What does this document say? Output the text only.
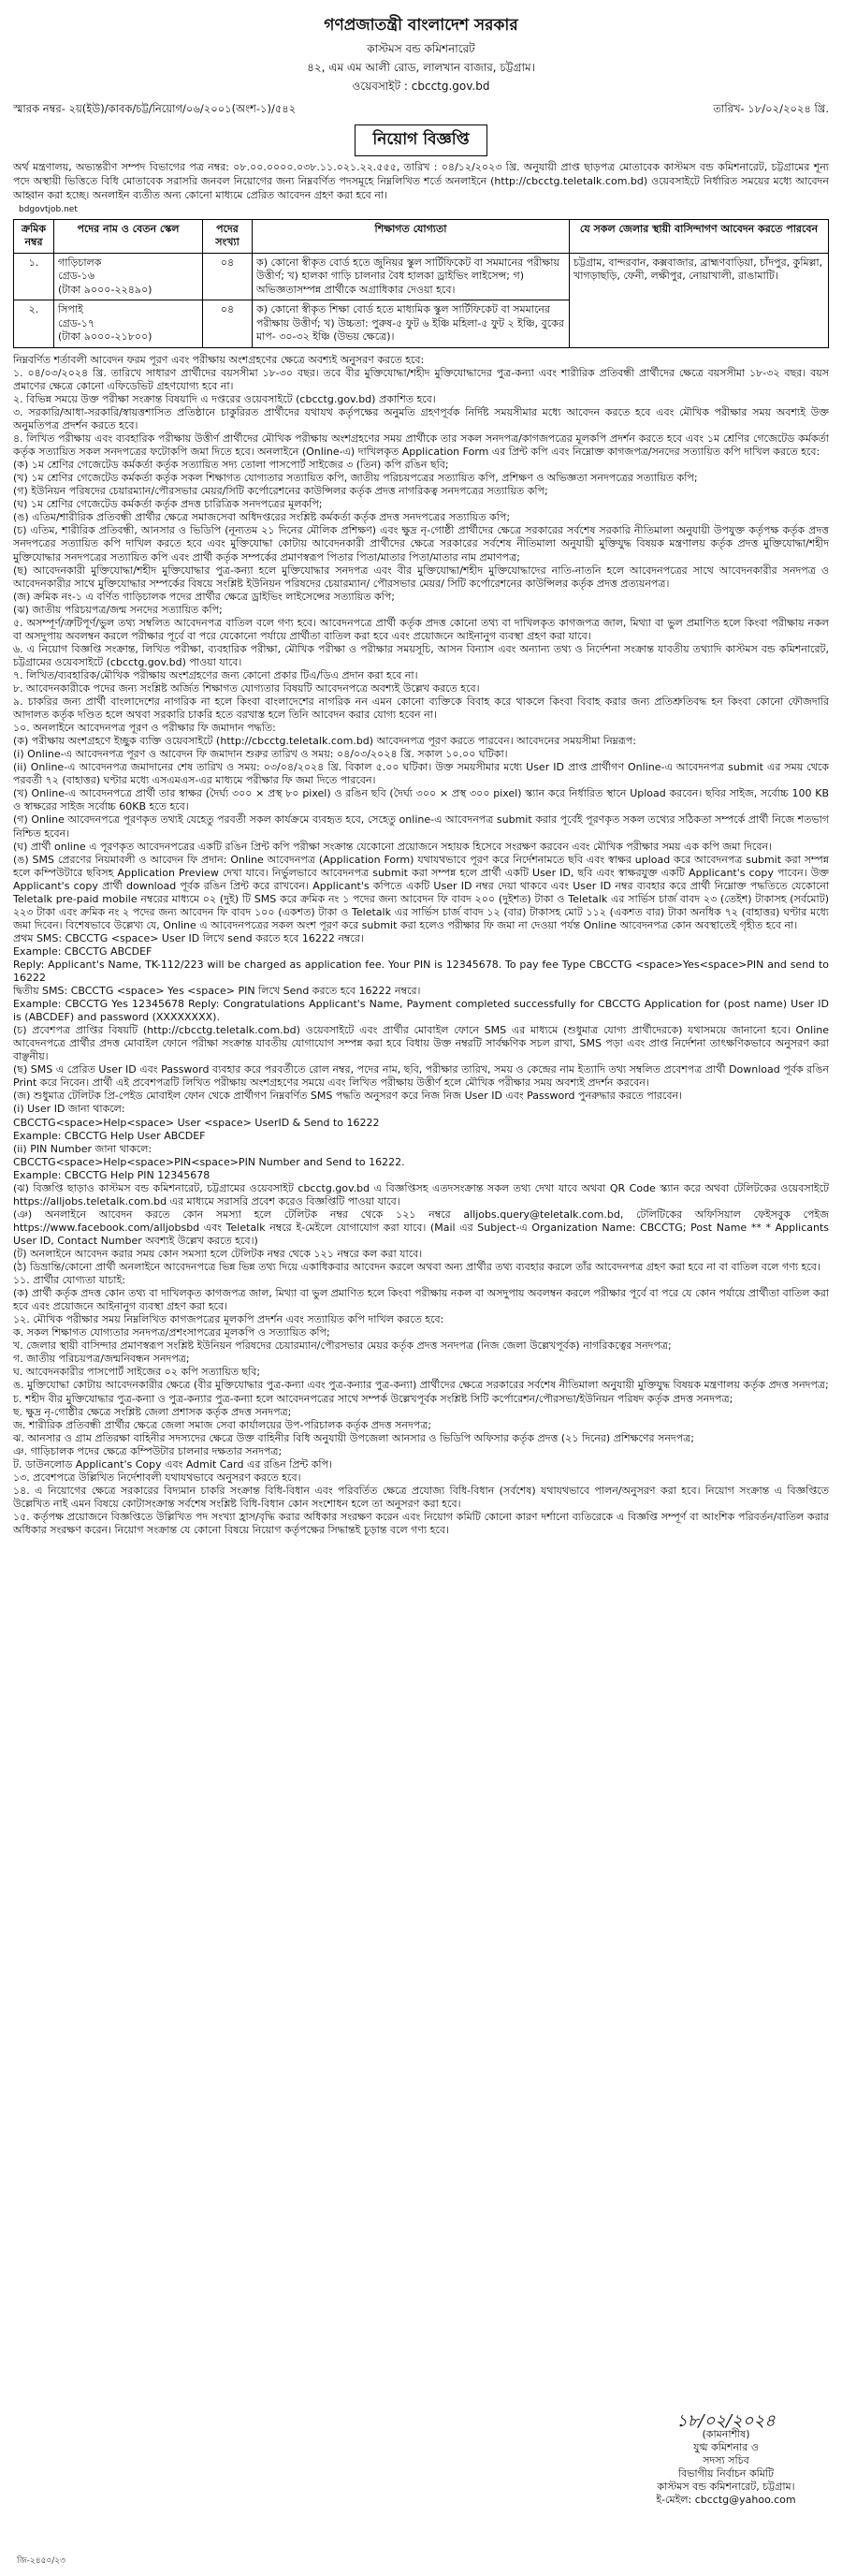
গণপ্রজাতন্ত্রী বাংলাদেশ সরকার
কাস্টমস বন্ড কমিশনারেট
৪২, এম এম আলী রোড, লালখান বাজার, চট্টগ্রাম।
ওয়েবসাইট : cbcctg.gov.bd
স্মারক নম্বর- ২য়(ইউ)/কাবক/চট্ট/নিয়োগ/০৬/২০০১(অংশ-১)/৫৪২	তারিখ- ১৮/০২/২০২৪ খ্রি.
নিয়োগ বিজ্ঞপ্তি
অর্থ মন্ত্রণালয়, অভ্যন্তরীণ সম্পদ বিভাগের পত্র নম্বর: ০৮.০০.০০০০.০৩৮.১১.০২১.২২.৫৫৫, তারিখ : ০৪/১২/২০২৩ খ্রি. অনুযায়ী প্রাপ্ত ছাড়পত্র মোতাবেক কাস্টমস বন্ড কমিশনারেট, চট্টগ্রামের শূন্য পদে অস্থায়ী ভিত্তিতে বিধি মোতাবেক সরাসরি জনবল নিয়োগের জন্য নিম্নবর্ণিত পদসমূহে নিম্নলিখিত শর্তে অনলাইনে (http://cbcctg.teletalk.com.bd) ওয়েবসাইটে নির্ধারিত সময়ের মধ্যে আবেদন আহ্বান করা হচ্ছে। অনলাইন ব্যতীত অন্য কোনো মাধ্যমে প্রেরিত আবেদন গ্রহণ করা হবে না।
bdgovtjob.net
ক্রমিক নম্বর	পদের নাম ও বেতন স্কেল	পদের সংখ্যা	শিক্ষাগত যোগ্যতা	যে সকল জেলার স্থায়ী বাসিন্দাগণ আবেদন করতে পারবেন
১.	গাড়িচালক
গ্রেড-১৬
(টাকা ৯০০০-২২৪৯০)	০৪	ক) কোনো স্বীকৃত বোর্ড হতে জুনিয়র স্কুল সার্টিফিকেট বা সমমানের পরীক্ষায় উত্তীর্ণ; খ) হালকা গাড়ি চালনার বৈধ হালকা ড্রাইভিং লাইসেন্স; গ) অভিজ্ঞতাসম্পন্ন প্রার্থীকে অগ্রাধিকার দেওয়া হবে।	চট্টগ্রাম, বান্দরবান, কক্সবাজার, ব্রাহ্মণবাড়িয়া, চাঁদপুর, কুমিল্লা, খাগড়াছড়ি, ফেনী, লক্ষীপুর, নোয়াখালী, রাঙামাটি।
২.	সিপাই
গ্রেড-১৭
(টাকা ৯০০০-২১৮০০)	০৪	ক) কোনো স্বীকৃত শিক্ষা বোর্ড হতে মাধ্যমিক স্কুল সার্টিফিকেট বা সমমানের পরীক্ষায় উত্তীর্ণ; খ) উচ্চতা: পুরুষ-৫ ফুট ৬ ইঞ্চি মহিলা-৫ ফুট ২ ইঞ্চি, বুকের মাপ- ৩০-৩২ ইঞ্চি (উভয় ক্ষেত্রে)।	

নিম্নবর্ণিত শর্তাবলী আবেদন ফরম পূরণ এবং পরীক্ষায় অংশগ্রহণের ক্ষেত্রে অবশ্যই অনুসরণ করতে হবে:

১. ০৪/০৩/২০২৪ খ্রি. তারিখে সাধারণ প্রার্থীদের বয়সসীমা ১৮-৩০ বছর। তবে বীর মুক্তিযোদ্ধা/শহীদ মুক্তিযোদ্ধাদের পুত্র-কন্যা এবং শারীরিক প্রতিবন্ধী প্রার্থীদের ক্ষেত্রে বয়সসীমা ১৮-৩২ বছর। বয়স প্রমাণের ক্ষেত্রে কোনো এফিডেভিট গ্রহণযোগ্য হবে না।

২. বিভিন্ন সময়ে উক্ত পরীক্ষা সংক্রান্ত বিষয়াদি এ দপ্তরের ওয়েবসাইটে (cbcctg.gov.bd) প্রকাশিত হবে।

৩. সরকারি/আধা-সরকারি/স্বায়ত্তশাসিত প্রতিষ্ঠানে চাকুরিরত প্রার্থীদের যথাযথ কর্তৃপক্ষের অনুমতি গ্রহণপূর্বক নির্দিষ্ট সময়সীমার মধ্যে আবেদন করতে হবে এবং মৌখিক পরীক্ষার সময় অবশ্যই উক্ত অনুমতিপত্র প্রদর্শন করতে হবে।

৪. লিখিত পরীক্ষায় এবং ব্যবহারিক পরীক্ষায় উত্তীর্ণ প্রার্থীদের মৌখিক পরীক্ষায় অংশগ্রহণের সময় প্রার্থীকে তার সকল সনদপত্র/কাগজপত্রের মূলকপি প্রদর্শন করতে হবে এবং ১ম শ্রেণির গেজেটেড কর্মকর্তা কর্তৃক সত্যায়িত সকল সনদপত্রের ফটোকপি জমা দিতে হবে। অনলাইনে (Online-এ) দাখিলকৃত Application Form এর প্রিন্ট কপি এবং নিম্নোক্ত কাগজপত্র/সনদের সত্যায়িত কপি দাখিল করতে হবে:

(ক) ১ম শ্রেণির গেজেটেড কর্মকর্তা কর্তৃক সত্যায়িত সদ্য তোলা পাসপোর্ট সাইজের ৩ (তিন) কপি রঙিন ছবি;

(খ) ১ম শ্রেণির গেজেটেড কর্মকর্তা কর্তৃক সকল শিক্ষাগত যোগ্যতার সত্যায়িত কপি, জাতীয় পরিচয়পত্রের সত্যায়িত কপি, প্রশিক্ষণ ও অভিজ্ঞতা সনদপত্রের সত্যায়িত কপি;

(গ) ইউনিয়ন পরিষদের চেয়ারম্যান/পৌরসভার মেয়র/সিটি কর্পোরেশনের কাউন্সিলর কর্তৃক প্রদত্ত নাগরিকত্ব সনদপত্রের সত্যায়িত কপি;

(ঘ) ১ম শ্রেণির গেজেটেড কর্মকর্তা কর্তৃক প্রদত্ত চারিত্রিক সনদপত্রের মূলকপি;

(ঙ) এতিম/শারীরিক প্রতিবন্ধী প্রার্থীর ক্ষেত্রে সমাজসেবা অধিদপ্তরের সংশ্লিষ্ট কর্মকর্তা কর্তৃক প্রদত্ত সনদপত্রের সত্যায়িত কপি;

(চ) এতিম, শারীরিক প্রতিবন্ধী, আনসার ও ভিডিপি (নূন্যতম ২১ দিনের মৌলিক প্রশিক্ষণ) এবং ক্ষুদ্র নৃ-গোষ্ঠী প্রার্থীদের ক্ষেত্রে সরকারের সর্বশেষ সরকারি নীতিমালা অনুযায়ী উপযুক্ত কর্তৃপক্ষ কর্তৃক প্রদত্ত সনদপত্রের সত্যায়িত কপি দাখিল করতে হবে এবং মুক্তিযোদ্ধা কোটায় আবেদনকারী প্রার্থীদের ক্ষেত্রে সরকারের সর্বশেষ নীতিমালা অনুযায়ী মুক্তিযুদ্ধ বিষয়ক মন্ত্রণালয় কর্তৃক প্রদত্ত মুক্তিযোদ্ধা/শহীদ মুক্তিযোদ্ধার সনদপত্রের সত্যায়িত কপি এবং প্রার্থী কর্তৃক সম্পর্কের প্রমাণস্বরূপ পিতার পিতা/মাতার পিতা/মাতার নাম প্রমাণপত্র;

(ছ) আবেদনকারী মুক্তিযোদ্ধা/শহীদ মুক্তিযোদ্ধার পুত্র-কন্যা হলে মুক্তিযোদ্ধার সনদপত্র এবং বীর মুক্তিযোদ্ধা/শহীদ মুক্তিযোদ্ধাদের নাতি-নাতনি হলে আবেদনপত্রের সাথে আবেদনকারীর সনদপত্র ও আবেদনকারীর সাথে মুক্তিযোদ্ধার সম্পর্কের বিষয়ে সংশ্লিষ্ট ইউনিয়ন পরিষদের চেয়ারম্যান/ পৌরসভার মেয়র/ সিটি কর্পোরেশনের কাউন্সিলর কর্তৃক প্রদত্ত প্রত্যয়নপত্র।

(জ) ক্রমিক নং-১ এ বর্ণিত গাড়িচালক পদের প্রার্থীর ক্ষেত্রে ড্রাইভিং লাইসেন্সের সত্যায়িত কপি;

(ঝ) জাতীয় পরিচয়পত্র/জন্ম সনদের সত্যায়িত কপি;

৫. অসম্পূর্ণ/ত্রুটিপূর্ণ/ভুল তথ্য সম্বলিত আবেদনপত্র বাতিল বলে গণ্য হবে। আবেদনপত্রে প্রার্থী কর্তৃক প্রদত্ত কোনো তথ্য বা দাখিলকৃত কাগজপত্র জাল, মিথ্যা বা ভুল প্রমাণিত হলে কিংবা পরীক্ষায় নকল বা অসদুপায় অবলম্বন করলে পরীক্ষার পূর্বে বা পরে যেকোনো পর্যায়ে প্রার্থীতা বাতিল করা হবে এবং প্রয়োজনে আইনানুগ ব্যবস্থা গ্রহণ করা যাবে।

৬. এ নিয়োগ বিজ্ঞপ্তি সংক্রান্ত, লিখিত পরীক্ষা, ব্যবহারিক পরীক্ষা, মৌখিক পরীক্ষা ও পরীক্ষার সময়সূচি, আসন বিন্যাস এবং অন্যান্য তথ্য ও নির্দেশনা সংক্রান্ত যাবতীয় তথ্যাদি কাস্টমস বন্ড কমিশনারেট, চট্টগ্রামের ওয়েবসাইটে (cbcctg.gov.bd) পাওয়া যাবে।

৭. লিখিত/ব্যবহারিক/মৌখিক পরীক্ষায় অংশগ্রহণের জন্য কোনো প্রকার টিএ/ডিএ প্রদান করা হবে না।

৮. আবেদনকারীকে পদের জন্য সংশ্লিষ্ট অর্জিত শিক্ষাগত যোগ্যতার বিষয়টি আবেদনপত্রে অবশ্যই উল্লেখ করতে হবে।

৯. চাকরির জন্য প্রার্থী বাংলাদেশের নাগরিক না হলে কিংবা বাংলাদেশের নাগরিক নন এমন কোনো ব্যক্তিকে বিবাহ করে থাকলে কিংবা বিবাহ করার জন্য প্রতিশ্রুতিবদ্ধ হন কিংবা কোনো ফৌজদারি আদালত কর্তৃক দণ্ডিত হলে অথবা সরকারি চাকরি হতে বরখাস্ত হলে তিনি আবেদন করার যোগ্য হবেন না।

১০. অনলাইনে আবেদনপত্র পূরণ ও পরীক্ষার ফি জমাদান পদ্ধতি:

(ক) পরীক্ষায় অংশগ্রহণে ইচ্ছুক ব্যক্তি ওয়েবসাইটে (http://cbcctg.teletalk.com.bd) আবেদনপত্র পূরণ করতে পারবেন। আবেদনের সময়সীমা নিম্নরূপ:

(i) Online-এ আবেদনপত্র পূরণ ও আবেদন ফি জমাদান শুরুর তারিখ ও সময়: ০৪/০৩/২০২৪ খ্রি. সকাল ১০.০০ ঘটিকা।

(ii) Online-এ আবেদনপত্র জমাদানের শেষ তারিখ ও সময়: ০৩/০৪/২০২৪ খ্রি. বিকাল ৫.০০ ঘটিকা। উক্ত সময়সীমার মধ্যে User ID প্রাপ্ত প্রার্থীগণ Online-এ আবেদনপত্র submit এর সময় থেকে পরবর্তী ৭২ (বাহাত্তর) ঘণ্টার মধ্যে এসএমএস-এর মাধ্যমে পরীক্ষার ফি জমা দিতে পারবেন।

(খ) Online-এ আবেদনপত্রে প্রার্থী তার স্বাক্ষর (দৈর্ঘ্য ৩০০ × প্রস্থ ৮০ pixel) ও রঙিন ছবি (দৈর্ঘ্য ৩০০ × প্রস্থ ৩০০ pixel) স্ক্যান করে নির্ধারিত স্থানে Upload করবেন। ছবির সাইজ, সর্বোচ্চ 100 KB ও স্বাক্ষরের সাইজ সর্বোচ্চ 60KB হতে হবে।

(গ) Online আবেদনপত্রে পূরণকৃত তথ্যই যেহেতু পরবর্তী সকল কার্যক্রমে ব্যবহৃত হবে, সেহেতু online-এ আবেদনপত্র submit করার পূর্বেই পূরণকৃত সকল তথ্যের সঠিকতা সম্পর্কে প্রার্থী নিজে শতভাগ নিশ্চিত হবেন।

(ঘ) প্রার্থী online এ পূরণকৃত আবেদনপত্রের একটি রঙিন প্রিন্ট কপি পরীক্ষা সংক্রান্ত যেকোনো প্রয়োজনে সহায়ক হিসেবে সংরক্ষণ করবেন এবং মৌখিক পরীক্ষার সময় এক কপি জমা দিবেন।

(ঙ) SMS প্রেরণের নিয়মাবলী ও আবেদন ফি প্রদান: Online আবেদনপত্র (Application Form) যথাযথভাবে পূরণ করে নির্দেশনামতে ছবি এবং স্বাক্ষর upload করে আবেদনপত্র submit করা সম্পন্ন হলে কম্পিউটারে ছবিসহ Application Preview দেখা যাবে। নির্ভুলভাবে আবেদনপত্র submit করা সম্পন্ন হলে প্রার্থী একটি User ID, ছবি এবং স্বাক্ষরযুক্ত একটি Applicant's copy পাবেন। উক্ত Applicant's copy প্রার্থী download পূর্বক রঙিন প্রিন্ট করে রাখবেন। Applicant's কপিতে একটি User ID নম্বর দেয়া থাকবে এবং User ID নম্বর ব্যবহার করে প্রার্থী নিম্নোক্ত পদ্ধতিতে যেকোনো Teletalk pre-paid mobile নম্বরের মাধ্যমে ০২ (দুই) টি SMS করে ক্রমিক নং ১ পদের জন্য আবেদন ফি বাবদ ২০০ (দুইশত) টাকা ও Teletalk এর সার্ভিস চার্জ বাবদ ২৩ (তেইশ) টাকাসহ (সর্বমোট) ২২৩ টাকা এবং ক্রমিক নং ২ পদের জন্য আবেদন ফি বাবদ ১০০ (একশত) টাকা ও Teletalk এর সার্ভিস চার্জ বাবদ ১২ (বার) টাকাসহ মোট ১১২ (একশত বার) টাকা অনধিক ৭২ (বাহাত্তর) ঘণ্টার মধ্যে জমা দিবেন। বিশেষভাবে উল্লেখ্য যে, Online এ আবেদনপত্রের সকল অংশ পূরণ করে submit করা হলেও পরীক্ষার ফি জমা না দেওয়া পর্যন্ত Online আবেদনপত্র কোন অবস্থাতেই গৃহীত হবে না।

প্রথম SMS: CBCCTG <space> User ID লিখে send করতে হবে 16222 নম্বরে।

Example: CBCCTG ABCDEF

Reply: Applicant's Name, TK-112/223 will be charged as application fee. Your PIN is 12345678. To pay fee Type CBCCTG <space>Yes<space>PIN and send to 16222

দ্বিতীয় SMS: CBCCTG <space> Yes <space> PIN লিখে Send করতে হবে 16222 নম্বরে।

Example: CBCCTG Yes 12345678 Reply: Congratulations Applicant's Name, Payment completed successfully for CBCCTG Application for (post name) User ID is (ABCDEF) and password (XXXXXXXX).

(চ) প্রবেশপত্র প্রাপ্তির বিষয়টি (http://cbcctg.teletalk.com.bd) ওয়েবসাইটে এবং প্রার্থীর মোবাইল ফোনে SMS এর মাধ্যমে (শুধুমাত্র যোগ্য প্রার্থীদেরকে) যথাসময়ে জানানো হবে। Online আবেদনপত্রে প্রার্থীর প্রদত্ত মোবাইল ফোনে পরীক্ষা সংক্রান্ত যাবতীয় যোগাযোগ সম্পন্ন করা হবে বিধায় উক্ত নম্বরটি সার্বক্ষণিক সচল রাখা, SMS পড়া এবং প্রাপ্ত নির্দেশনা তাৎক্ষণিকভাবে অনুসরণ করা বাঞ্ছনীয়।

(ছ) SMS এ প্রেরিত User ID এবং Password ব্যবহার করে পরবর্তীতে রোল নম্বর, পদের নাম, ছবি, পরীক্ষার তারিখ, সময় ও কেন্দ্রের নাম ইত্যাদি তথ্য সম্বলিত প্রবেশপত্র প্রার্থী Download পূর্বক রঙিন Print করে নিবেন। প্রার্থী এই প্রবেশপত্রটি লিখিত পরীক্ষায় অংশগ্রহণের সময়ে এবং লিখিত পরীক্ষায় উত্তীর্ণ হলে মৌখিক পরীক্ষার সময় অবশ্যই প্রদর্শন করবেন।

(জ) শুধুমাত্র টেলিটক প্রি-পেইড মোবাইল ফোন থেকে প্রার্থীগণ নিম্নবর্ণিত SMS পদ্ধতি অনুসরণ করে নিজ নিজ User ID এবং Password পুনরুদ্ধার করতে পারবেন।

(i) User ID জানা থাকলে:

CBCCTG<space>Help<space> User <space> UserID & Send to 16222

Example: CBCCTG Help User ABCDEF

(ii) PIN Number জানা থাকলে:

CBCCTG<space>Help<space>PIN<space>PIN Number and Send to 16222.

Example: CBCCTG Help PIN 12345678

(ঝ) বিজ্ঞপ্তি ছাড়াও কাস্টমস বন্ড কমিশনারেট, চট্টগ্রামের ওয়েবসাইট cbcctg.gov.bd এ বিজ্ঞপ্তিসহ এতদসংক্রান্ত সকল তথ্য দেখা যাবে অথবা QR Code স্ক্যান করে অথবা টেলিটকের ওয়েবসাইটে https://alljobs.teletalk.com.bd এর মাধ্যমে সরাসরি প্রবেশ করেও বিজ্ঞপ্তিটি পাওয়া যাবে।

(ঞ) অনলাইনে আবেদন করতে কোন সমস্যা হলে টেলিটক নম্বর থেকে ১২১ নম্বরে alljobs.query@teletalk.com.bd, টেলিটিকের অফিসিয়াল ফেইসবুক পেইজ https://www.facebook.com/alljobsbd এবং Teletalk নম্বরে ই-মেইলে যোগাযোগ করা যাবে। (Mail এর Subject-এ Organization Name: CBCCTG; Post Name ** * Applicants User ID, Contact Number অবশ্যই উল্লেখ করতে হবে।)

(ট) অনলাইনে আবেদন করার সময় কোন সমস্যা হলে টেলিটক নম্বর থেকে ১২১ নম্বরে কল করা যাবে।

(ঠ) ডিভ্রান্তি/কোনো প্রার্থী অনলাইনে আবেদনপত্রে ভিন্ন ভিন্ন তথ্য দিয়ে একাধিকবার আবেদন করলে অথবা অন্য প্রার্থীর তথ্য ব্যবহার করলে তাঁর আবেদনপত্র গ্রহণ করা হবে না বা বাতিল বলে গণ্য হবে।

১১. প্রার্থীর যোগ্যতা যাচাই:

(ক) প্রার্থী কর্তৃক প্রদত্ত কোন তথ্য বা দাখিলকৃত কাগজপত্র জাল, মিথ্যা বা ভুল প্রমাণিত হলে কিংবা পরীক্ষায় নকল বা অসদুপায় অবলম্বন করলে পরীক্ষার পূর্বে বা পরে যে কোন পর্যায়ে প্রার্থীতা বাতিল করা হবে এবং প্রয়োজনে আইনানুগ ব্যবস্থা গ্রহণ করা হবে।

১২. মৌখিক পরীক্ষার সময় নিম্নলিখিত কাগজপত্রের মূলকপি প্রদর্শন এবং সত্যায়িত কপি দাখিল করতে হবে:

ক. সকল শিক্ষাগত যোগ্যতার সনদপত্র/প্রশংসাপত্রের মূলকপি ও সত্যায়িত কপি;

খ. জেলার স্থায়ী বাসিন্দার প্রমাণস্বরূপ সংশ্লিষ্ট ইউনিয়ন পরিষদের চেয়ারম্যান/পৌরসভার মেয়র কর্তৃক প্রদত্ত সনদপত্র (নিজ জেলা উল্লেখপূর্বক) নাগরিকত্বের সনদপত্র;

গ. জাতীয় পরিচয়পত্র/জন্মনিবন্ধন সনদপত্র;

ঘ. আবেদনকারীর পাসপোর্ট সাইজের ০২ কপি সত্যায়িত ছবি;

ঙ. মুক্তিযোদ্ধা কোটায় আবেদনকারীর ক্ষেত্রে (বীর মুক্তিযোদ্ধার পুত্র-কন্যা এবং পুত্র-কন্যার পুত্র-কন্যা) প্রার্থীদের ক্ষেত্রে সরকারের সর্বশেষ নীতিমালা অনুযায়ী মুক্তিযুদ্ধ বিষয়ক মন্ত্রণালয় কর্তৃক প্রদত্ত সনদপত্র;

চ. শহীদ বীর মুক্তিযোদ্ধার পুত্র-কন্যা ও পুত্র-কন্যার পুত্র-কন্যা হলে আবেদনপত্রের সাথে সম্পর্ক উল্লেখপূর্বক সংশ্লিষ্ট সিটি কর্পোরেশন/পৌরসভা/ইউনিয়ন পরিষদ কর্তৃক প্রদত্ত সনদপত্র;

ছ. ক্ষুদ্র নৃ-গোষ্ঠীর ক্ষেত্রে সংশ্লিষ্ট জেলা প্রশাসক কর্তৃক প্রদত্ত সনদপত্র;

জ. শারীরিক প্রতিবন্ধী প্রার্থীর ক্ষেত্রে জেলা সমাজ সেবা কার্যালয়ের উপ-পরিচালক কর্তৃক প্রদত্ত সনদপত্র;

ঝ. আনসার ও গ্রাম প্রতিরক্ষা বাহিনীর সদস্যদের ক্ষেত্রে উক্ত বাহিনীর বিধি অনুযায়ী উপজেলা আনসার ও ভিডিপি অফিসার কর্তৃক প্রদত্ত (২১ দিনের) প্রশিক্ষণের সনদপত্র;

ঞ. গাড়িচালক পদের ক্ষেত্রে কম্পিউটার চালনার দক্ষতার সনদপত্র;

ট. ডাউনলোড Applicant's Copy এবং Admit Card এর রঙিন প্রিন্ট কপি।

১৩. প্রবেশপত্রে উল্লিখিত নির্দেশাবলী যথাযথভাবে অনুসরণ করতে হবে।

১৪. এ নিয়োগের ক্ষেত্রে সরকারের বিদ্যমান চাকরি সংক্রান্ত বিধি-বিধান এবং পরিবর্তিত ক্ষেত্রে প্রযোজ্য বিধি-বিধান (সর্বশেষ) যথাযথভাবে পালন/অনুসরণ করা হবে। নিয়োগ সংক্রান্ত এ বিজ্ঞপ্তিতে উল্লেখিত নাই এমন বিষয়ে কোটাসংক্রান্ত সর্বশেষ সংশ্লিষ্ট বিধি-বিধান কোন সংশোধন হলে তা অনুসরণ করা হবে।

১৫. কর্তৃপক্ষ প্রয়োজনে বিজ্ঞপ্তিতে উল্লিখিত পদ সংখ্যা হ্রাস/বৃদ্ধি করার অধিকার সংরক্ষণ করেন এবং নিয়োগ কমিটি কোনো কারণ দর্শানো ব্যতিরেকে এ বিজ্ঞপ্তি সম্পূর্ণ বা আংশিক পরিবর্তন/বাতিল করার অধিকার সংরক্ষণ করেন। নিয়োগ সংক্রান্ত যে কোনো বিষয়ে নিয়োগ কর্তৃপক্ষের সিদ্ধান্তই চূড়ান্ত বলে গণ্য হবে।

১৮/০২/২০২৪
(কামনাশীষ)
যুগ্ম কমিশনার ও
সদস্য সচিব
বিভাগীয় নির্বাচন কমিটি
কাস্টমস বন্ড কমিশনারেট, চট্টগ্রাম।
ই-মেইল: cbcctg@yahoo.com
জি-২৪৫০/২৩
